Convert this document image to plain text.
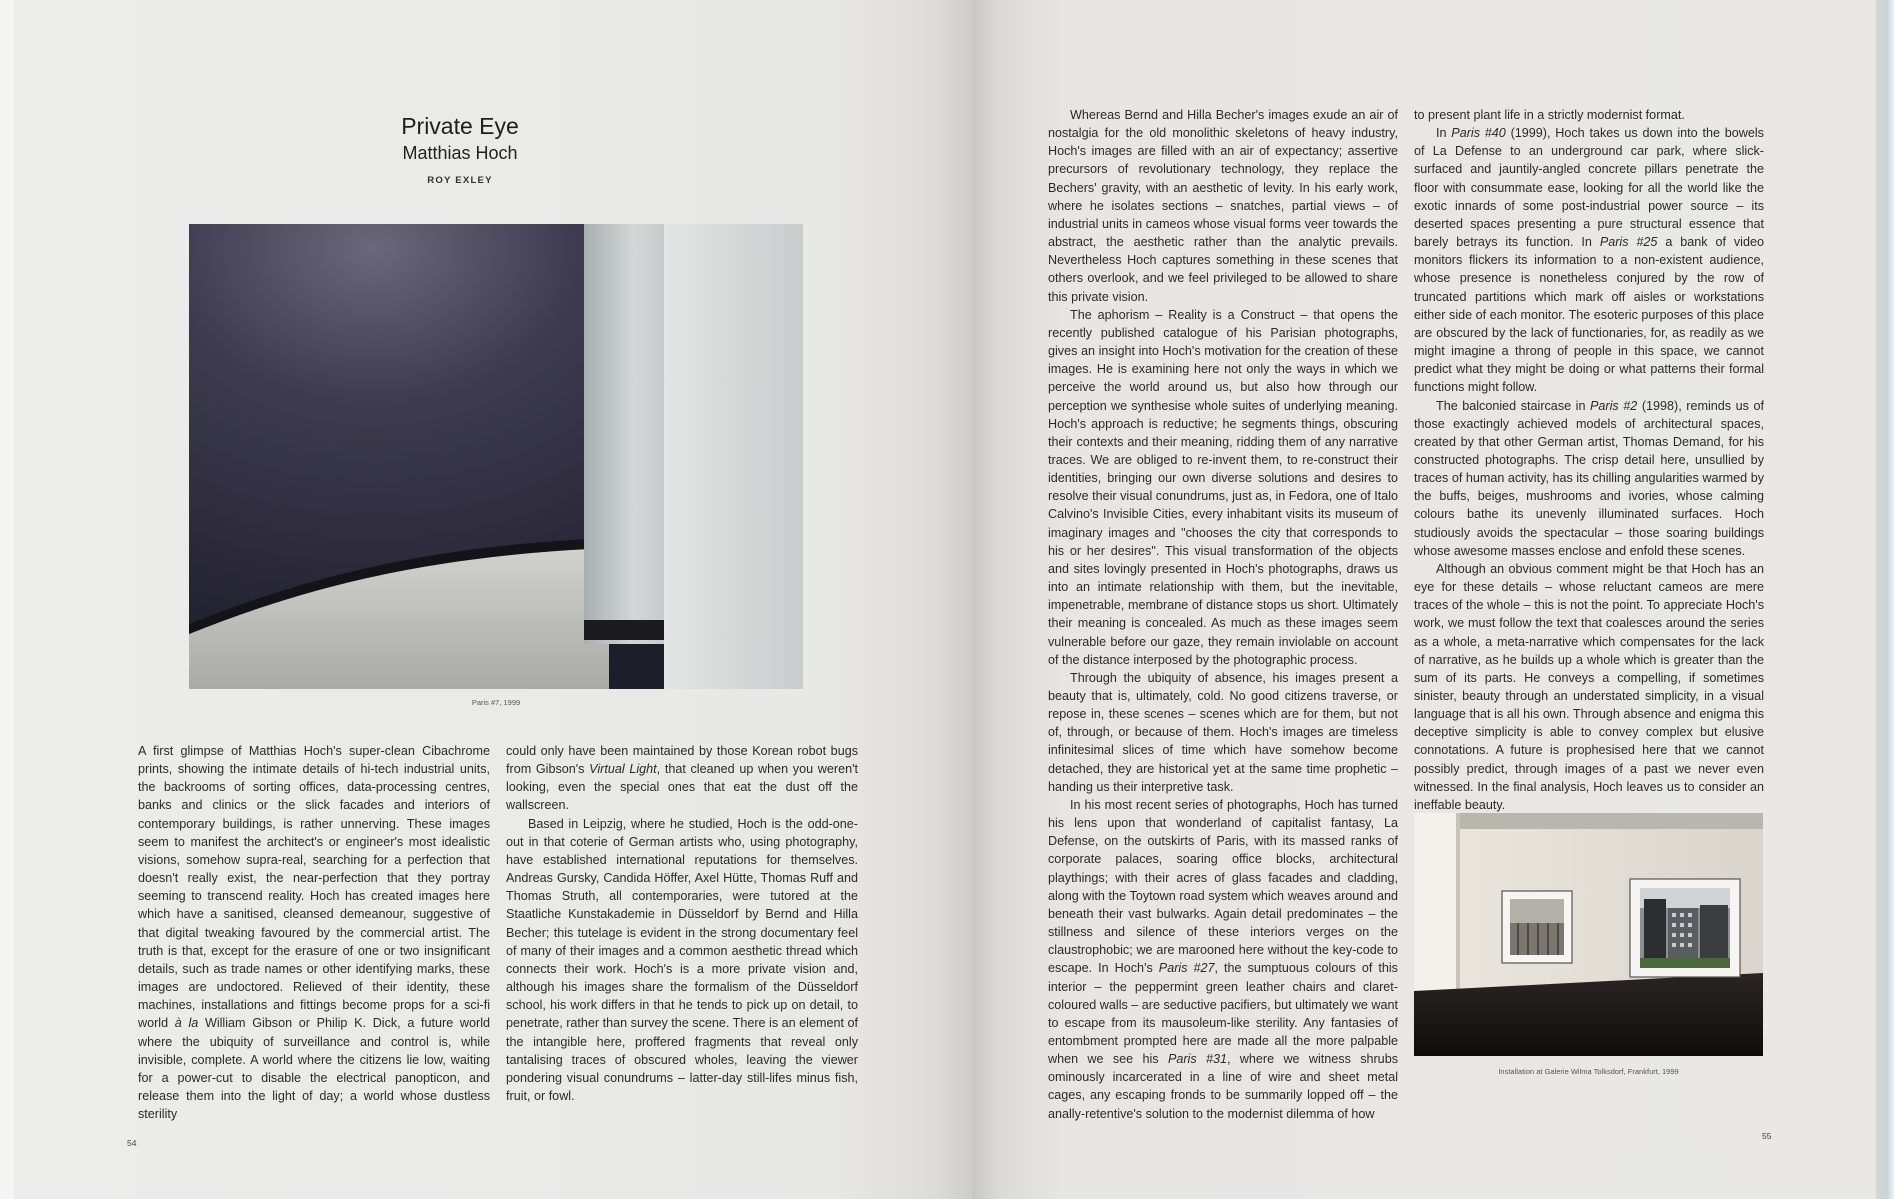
Private Eye
Matthias Hoch
ROY EXLEY
Paris #7, 1999

A first glimpse of Matthias Hoch's super-clean Cibachrome prints, showing the intimate details of hi-tech industrial units, the backrooms of sorting offices, data-processing centres, banks and clinics or the slick facades and interiors of contemporary buildings, is rather unnerving. These images seem to manifest the architect's or engineer's most idealistic visions, somehow supra-real, searching for a perfection that doesn't really exist, the near-perfection that they portray seeming to transcend reality. Hoch has created images here which have a sanitised, cleansed demeanour, suggestive of that digital tweaking favoured by the commercial artist. The truth is that, except for the erasure of one or two insignificant details, such as trade names or other identifying marks, these images are undoctored. Relieved of their identity, these machines, installations and fittings become props for a sci-fi world à la William Gibson or Philip K. Dick, a future world where the ubiquity of surveillance and control is, while invisible, complete. A world where the citizens lie low, waiting for a power-cut to disable the electrical panopticon, and release them into the light of day; a world whose dustless sterility

could only have been maintained by those Korean robot bugs from Gibson's Virtual Light, that cleaned up when you weren't looking, even the special ones that eat the dust off the wallscreen.

Based in Leipzig, where he studied, Hoch is the odd-one-out in that coterie of German artists who, using photography, have established international reputations for themselves. Andreas Gursky, Candida Höffer, Axel Hütte, Thomas Ruff and Thomas Struth, all contemporaries, were tutored at the Staatliche Kunstakademie in Düsseldorf by Bernd and Hilla Becher; this tutelage is evident in the strong documentary feel of many of their images and a common aesthetic thread which connects their work. Hoch's is a more private vision and, although his images share the formalism of the Düsseldorf school, his work differs in that he tends to pick up on detail, to penetrate, rather than survey the scene. There is an element of the intangible here, proffered fragments that reveal only tantalising traces of obscured wholes, leaving the viewer pondering visual conundrums – latter-day still-lifes minus fish, fruit, or fowl.

Whereas Bernd and Hilla Becher's images exude an air of nostalgia for the old monolithic skeletons of heavy industry, Hoch's images are filled with an air of expectancy; assertive precursors of revolutionary technology, they replace the Bechers' gravity, with an aesthetic of levity. In his early work, where he isolates sections – snatches, partial views – of industrial units in cameos whose visual forms veer towards the abstract, the aesthetic rather than the analytic prevails. Nevertheless Hoch captures something in these scenes that others overlook, and we feel privileged to be allowed to share this private vision.

The aphorism – Reality is a Construct – that opens the recently published catalogue of his Parisian photographs, gives an insight into Hoch's motivation for the creation of these images. He is examining here not only the ways in which we perceive the world around us, but also how through our perception we synthesise whole suites of underlying meaning. Hoch's approach is reductive; he segments things, obscuring their contexts and their meaning, ridding them of any narrative traces. We are obliged to re-invent them, to re-construct their identities, bringing our own diverse solutions and desires to resolve their visual conundrums, just as, in Fedora, one of Italo Calvino's Invisible Cities, every inhabitant visits its museum of imaginary images and "chooses the city that corresponds to his or her desires". This visual transformation of the objects and sites lovingly presented in Hoch's photographs, draws us into an intimate relationship with them, but the inevitable, impenetrable, membrane of distance stops us short. Ultimately their meaning is concealed. As much as these images seem vulnerable before our gaze, they remain inviolable on account of the distance interposed by the photographic process.

Through the ubiquity of absence, his images present a beauty that is, ultimately, cold. No good citizens traverse, or repose in, these scenes – scenes which are for them, but not of, through, or because of them. Hoch's images are timeless infinitesimal slices of time which have somehow become detached, they are historical yet at the same time prophetic – handing us their interpretive task.

In his most recent series of photographs, Hoch has turned his lens upon that wonderland of capitalist fantasy, La Defense, on the outskirts of Paris, with its massed ranks of corporate palaces, soaring office blocks, architectural playthings; with their acres of glass facades and cladding, along with the Toytown road system which weaves around and beneath their vast bulwarks. Again detail predominates – the stillness and silence of these interiors verges on the claustrophobic; we are marooned here without the key-code to escape. In Hoch's Paris #27, the sumptuous colours of this interior – the peppermint green leather chairs and claret-coloured walls – are seductive pacifiers, but ultimately we want to escape from its mausoleum-like sterility. Any fantasies of entombment prompted here are made all the more palpable when we see his Paris #31, where we witness shrubs ominously incarcerated in a line of wire and sheet metal cages, any escaping fronds to be summarily lopped off – the anally-retentive's solution to the modernist dilemma of how

to present plant life in a strictly modernist format.

In Paris #40 (1999), Hoch takes us down into the bowels of La Defense to an underground car park, where slick-surfaced and jauntily-angled concrete pillars penetrate the floor with consummate ease, looking for all the world like the exotic innards of some post-industrial power source – its deserted spaces presenting a pure structural essence that barely betrays its function. In Paris #25 a bank of video monitors flickers its information to a non-existent audience, whose presence is nonetheless conjured by the row of truncated partitions which mark off aisles or workstations either side of each monitor. The esoteric purposes of this place are obscured by the lack of functionaries, for, as readily as we might imagine a throng of people in this space, we cannot predict what they might be doing or what patterns their formal functions might follow.

The balconied staircase in Paris #2 (1998), reminds us of those exactingly achieved models of architectural spaces, created by that other German artist, Thomas Demand, for his constructed photographs. The crisp detail here, unsullied by traces of human activity, has its chilling angularities warmed by the buffs, beiges, mushrooms and ivories, whose calming colours bathe its unevenly illuminated surfaces. Hoch studiously avoids the spectacular – those soaring buildings whose awesome masses enclose and enfold these scenes.

Although an obvious comment might be that Hoch has an eye for these details – whose reluctant cameos are mere traces of the whole – this is not the point. To appreciate Hoch's work, we must follow the text that coalesces around the series as a whole, a meta-narrative which compensates for the lack of narrative, as he builds up a whole which is greater than the sum of its parts. He conveys a compelling, if sometimes sinister, beauty through an understated simplicity, in a visual language that is all his own. Through absence and enigma this deceptive simplicity is able to convey complex but elusive connotations. A future is prophesised here that we cannot possibly predict, through images of a past we never even witnessed. In the final analysis, Hoch leaves us to consider an ineffable beauty.

Installation at Galerie Wilma Tolksdorf, Frankfurt, 1999
54
55
